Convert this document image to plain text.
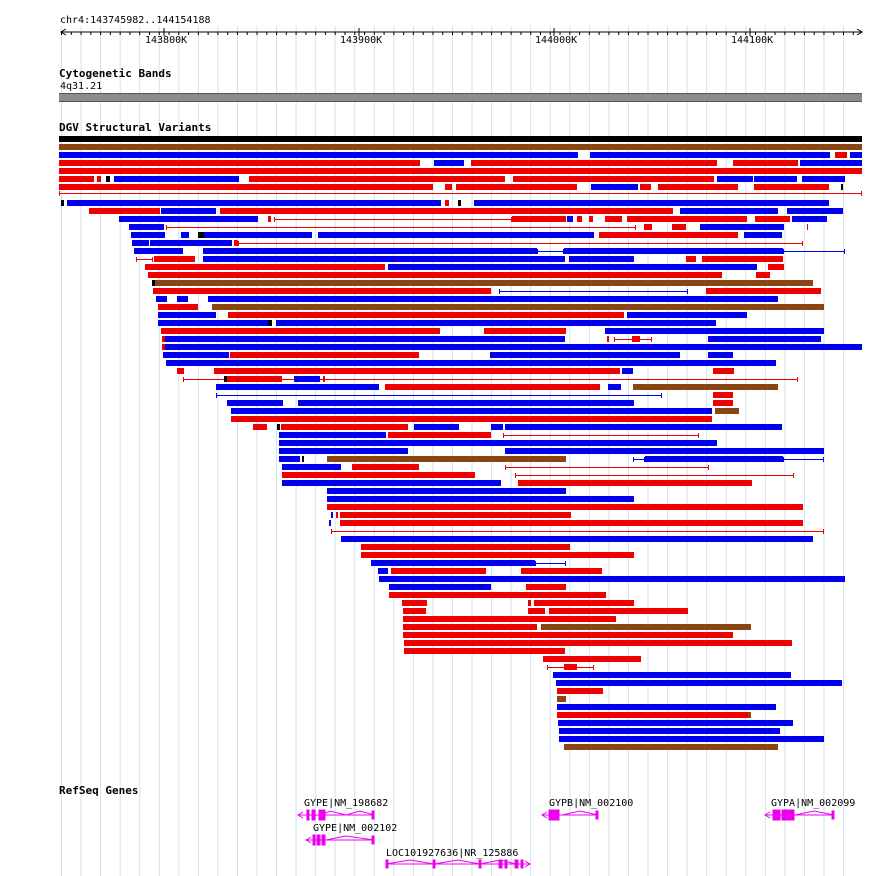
chr4:143745982..144154188
143800K	143900K	144000K	144100K
Cytogenetic Bands
4q31.21
DGV Structural Variants
RefSeq Genes
GYPE|NM_198682
GYPE|NM_002102
LOC101927636|NR_125886
GYPB|NM_002100	GYPA|NM_002099
